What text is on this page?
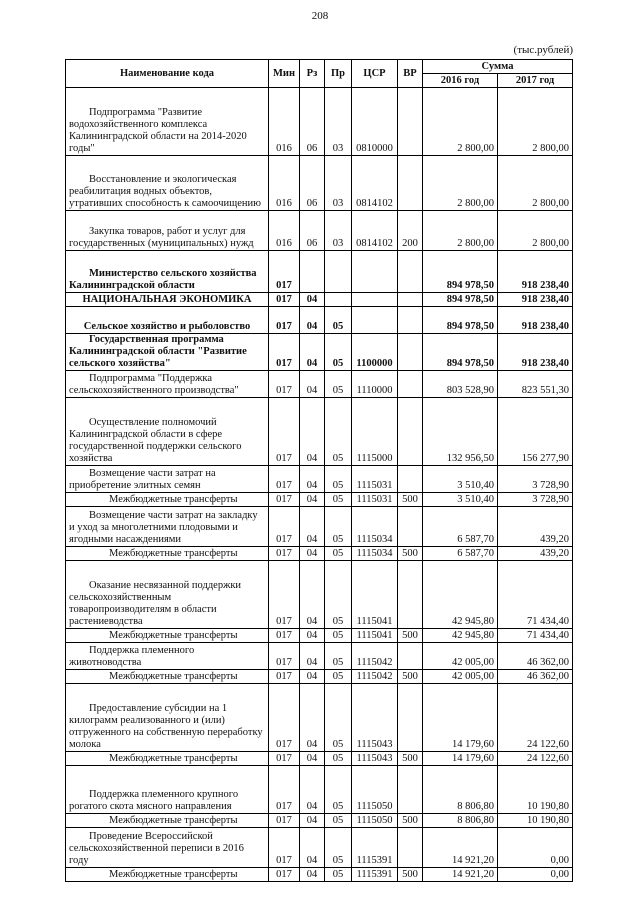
208
(тыс.рублей)
Наименование кода	Мин	Рз	Пр	ЦСР	ВР	Сумма	
						2016 год	2017 год
Подпрограмма "Развитие водохозяйственного комплекса Калининградской области на 2014-2020 годы"	016	06	03	0810000		2 800,00	2 800,00
Восстановление и экологическая реабилитация водных объектов, утративших способность к самоочищению	016	06	03	0814102		2 800,00	2 800,00
Закупка товаров, работ и услуг для государственных (муниципальных) нужд	016	06	03	0814102	200	2 800,00	2 800,00
Министерство сельского хозяйства Калининградской области	017					894 978,50	918 238,40
НАЦИОНАЛЬНАЯ ЭКОНОМИКА	017	04				894 978,50	918 238,40
Сельское хозяйство и рыболовство	017	04	05			894 978,50	918 238,40
Государственная программа Калининградской области "Развитие сельского хозяйства"	017	04	05	1100000		894 978,50	918 238,40
Подпрограмма "Поддержка сельскохозяйственного производства"	017	04	05	1110000		803 528,90	823 551,30
Осуществление полномочий Калининградской области в сфере государственной поддержки сельского хозяйства	017	04	05	1115000		132 956,50	156 277,90
Возмещение части затрат на приобретение элитных семян	017	04	05	1115031		3 510,40	3 728,90
Межбюджетные трансферты	017	04	05	1115031	500	3 510,40	3 728,90
Возмещение части затрат на закладку и уход за многолетними плодовыми и ягодными насаждениями	017	04	05	1115034		6 587,70	439,20
Межбюджетные трансферты	017	04	05	1115034	500	6 587,70	439,20
Оказание несвязанной поддержки сельскохозяйственным товаропроизводителям в области растениеводства	017	04	05	1115041		42 945,80	71 434,40
Межбюджетные трансферты	017	04	05	1115041	500	42 945,80	71 434,40
Поддержка племенного животноводства	017	04	05	1115042		42 005,00	46 362,00
Межбюджетные трансферты	017	04	05	1115042	500	42 005,00	46 362,00
Предоставление субсидии на 1 килограмм реализованного и (или) отгруженного на собственную переработку молока	017	04	05	1115043		14 179,60	24 122,60
Межбюджетные трансферты	017	04	05	1115043	500	14 179,60	24 122,60
Поддержка племенного крупного рогатого скота мясного направления	017	04	05	1115050		8 806,80	10 190,80
Межбюджетные трансферты	017	04	05	1115050	500	8 806,80	10 190,80
Проведение Всероссийской сельскохозяйственной переписи в 2016 году	017	04	05	1115391		14 921,20	0,00
Межбюджетные трансферты	017	04	05	1115391	500	14 921,20	0,00
